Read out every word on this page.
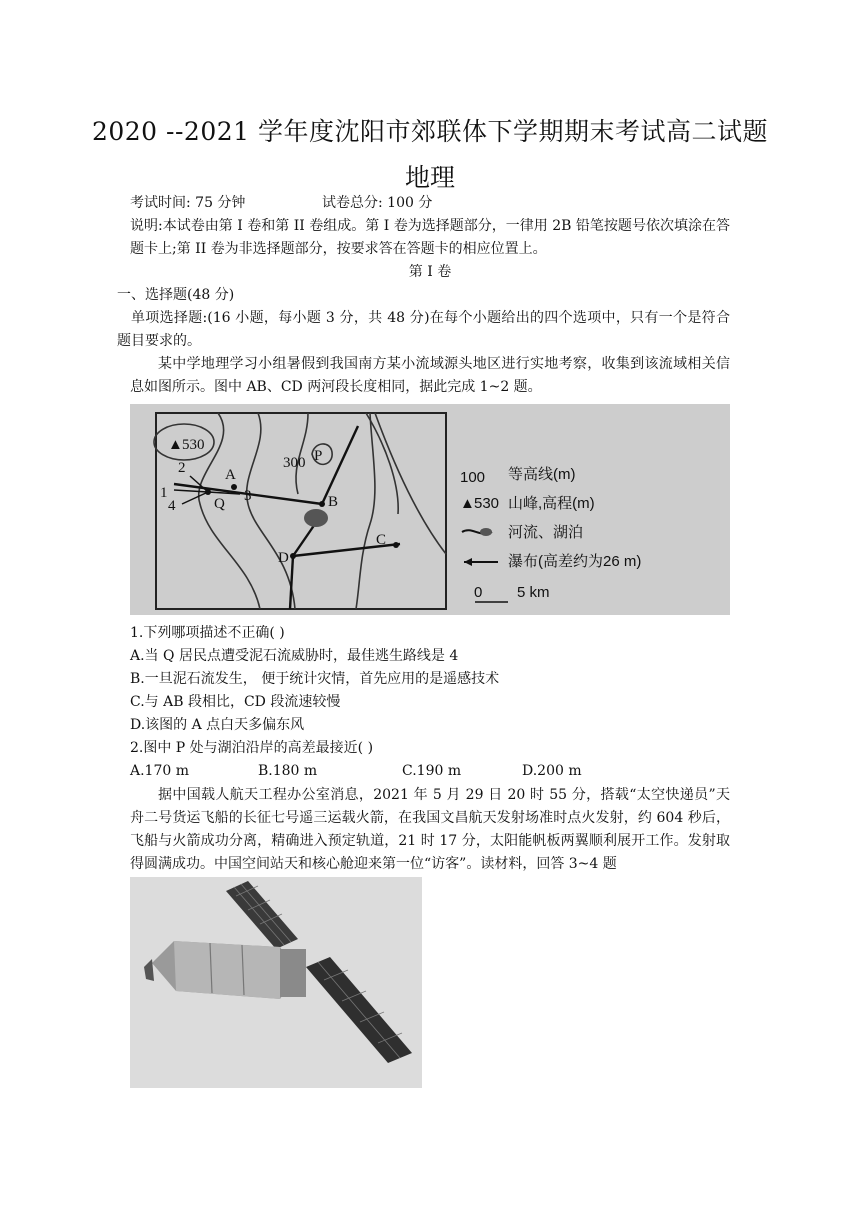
2020 --2021 学年度沈阳市郊联体下学期期末考试高二试题
地理
考试时间: 75 分钟	试卷总分: 100 分
说明:本试卷由第 I 卷和第 II 卷组成。第 I 卷为选择题部分，一律用 2B 铅笔按题号依次填涂在答题卡上;第 II 卷为非选择题部分，按要求答在答题卡的相应位置上。
第 I 卷
一、选择题(48 分)
单项选择题:(16 小题，每小题 3 分，共 48 分)在每个小题给出的四个选项中，只有一个是符合题目要求的。
某中学地理学习小组暑假到我国南方某小流域源头地区进行实地考察，收集到该流域相关信息如图所示。图中 AB、CD 两河段长度相同，据此完成 1~2 题。
▲ 530
300 P
A
B
C
D
Q
1
2
3
4
100 等高线(m)
▲ 530 山峰,高程(m)
河流、湖泊
瀑布(高差约为26 m)
0 5 km
1.下列哪项描述不正确( )
A.当 Q 居民点遭受泥石流威胁时，最佳逃生路线是 4
B.一旦泥石流发生， 便于统计灾情，首先应用的是遥感技术
C.与 AB 段相比，CD 段流速较慢
D.该图的 A 点白天多偏东风
2.图中 P 处与湖泊沿岸的高差最接近( )
A.170 m	B.180 m	C.190 m	D.200 m
据中国载人航天工程办公室消息，2021 年 5 月 29 日 20 时 55 分，搭载“太空快递员”天舟二号货运飞船的长征七号遥三运载火箭，在我国文昌航天发射场准时点火发射，约 604 秒后，飞船与火箭成功分离，精确进入预定轨道，21 时 17 分，太阳能帆板两翼顺利展开工作。发射取得圆满成功。中国空间站天和核心舱迎来第一位“访客”。读材料，回答 3~4 题
